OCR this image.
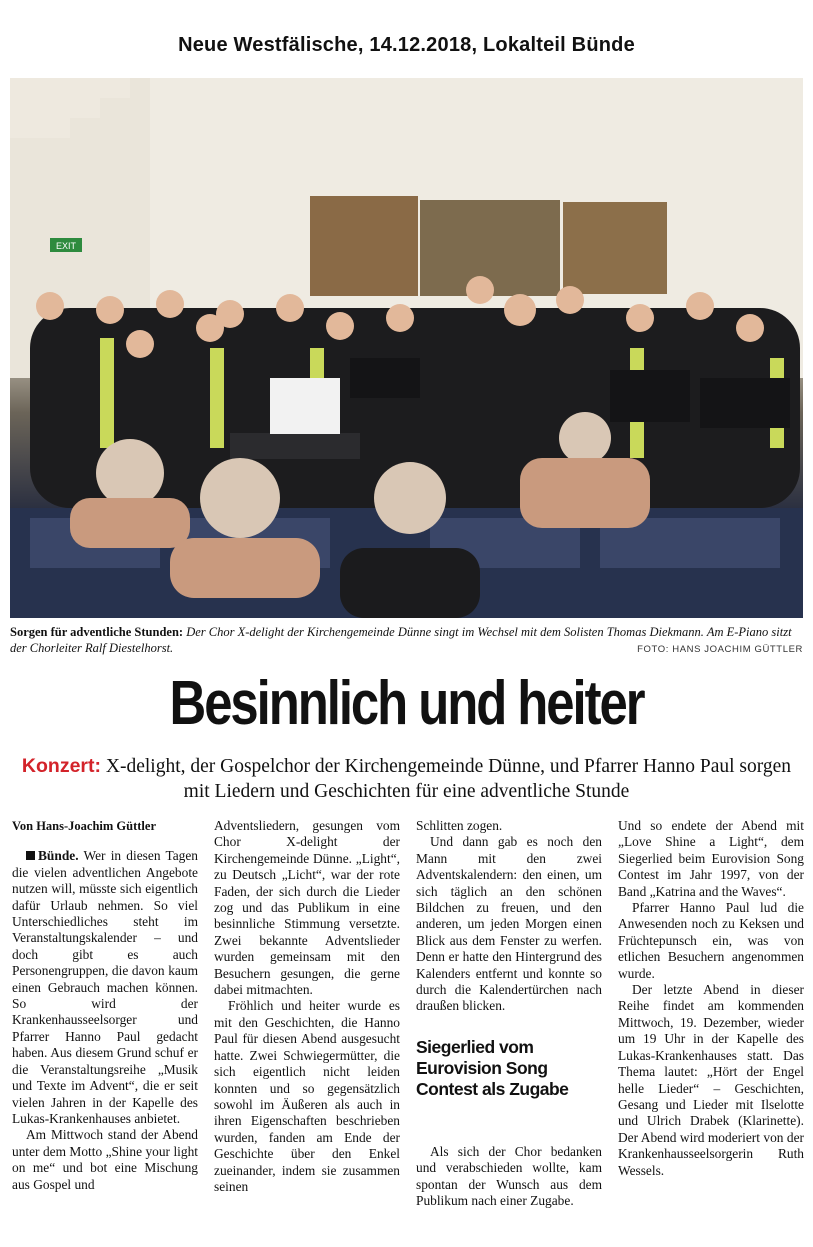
Neue Westfälische, 14.12.2018, Lokalteil Bünde
EXIT
Sorgen für adventliche Stunden: Der Chor X-delight der Kirchengemeinde Dünne singt im Wechsel mit dem Solisten Thomas Diekmann. Am E-Piano sitzt der Chorleiter Ralf Diestelhorst.	FOTO: HANS JOACHIM GÜTTLER
Besinnlich und heiter
Konzert: X-delight, der Gospelchor der Kirchengemeinde Dünne, und Pfarrer Hanno Paul sorgen mit Liedern und Geschichten für eine adventliche Stunde

Von Hans-Joachim Güttler

Bünde. Wer in diesen Tagen die vielen adventlichen Angebote nutzen will, müsste sich eigentlich dafür Urlaub nehmen. So viel Unterschiedliches steht im Veranstaltungskalender – und doch gibt es auch Personengruppen, die davon kaum einen Gebrauch machen können. So wird der Krankenhausseelsorger und Pfarrer Hanno Paul gedacht haben. Aus diesem Grund schuf er die Veranstaltungsreihe „Musik und Texte im Advent“, die er seit vielen Jahren in der Kapelle des Lukas-Krankenhauses anbietet.

Am Mittwoch stand der Abend unter dem Motto „Shine your light on me“ und bot eine Mischung aus Gospel und

Adventsliedern, gesungen vom Chor X-delight der Kirchengemeinde Dünne. „Light“, zu Deutsch „Licht“, war der rote Faden, der sich durch die Lieder zog und das Publikum in eine besinnliche Stimmung versetzte. Zwei bekannte Adventslieder wurden gemeinsam mit den Besuchern gesungen, die gerne dabei mitmachten.

Fröhlich und heiter wurde es mit den Geschichten, die Hanno Paul für diesen Abend ausgesucht hatte. Zwei Schwiegermütter, die sich eigentlich nicht leiden konnten und so gegensätzlich sowohl im Äußeren als auch in ihren Eigenschaften beschrieben wurden, fanden am Ende der Geschichte über den Enkel zueinander, indem sie zusammen seinen

Schlitten zogen.

Und dann gab es noch den Mann mit den zwei Adventskalendern: den einen, um sich täglich an den schönen Bildchen zu freuen, und den anderen, um jeden Morgen einen Blick aus dem Fenster zu werfen. Denn er hatte den Hintergrund des Kalenders entfernt und konnte so durch die Kalendertürchen nach draußen blicken.

Siegerlied vom Eurovision Song Contest als Zugabe

Als sich der Chor bedanken und verabschieden wollte, kam spontan der Wunsch aus dem Publikum nach einer Zugabe.

Und so endete der Abend mit „Love Shine a Light“, dem Siegerlied beim Eurovision Song Contest im Jahr 1997, von der Band „Katrina and the Waves“.

Pfarrer Hanno Paul lud die Anwesenden noch zu Keksen und Früchtepunsch ein, was von etlichen Besuchern angenommen wurde.

Der letzte Abend in dieser Reihe findet am kommenden Mittwoch, 19. Dezember, wieder um 19 Uhr in der Kapelle des Lukas-Krankenhauses statt. Das Thema lautet: „Hört der Engel helle Lieder“ – Geschichten, Gesang und Lieder mit Ilselotte und Ulrich Drabek (Klarinette). Der Abend wird moderiert von der Krankenhausseelsorgerin Ruth Wessels.
